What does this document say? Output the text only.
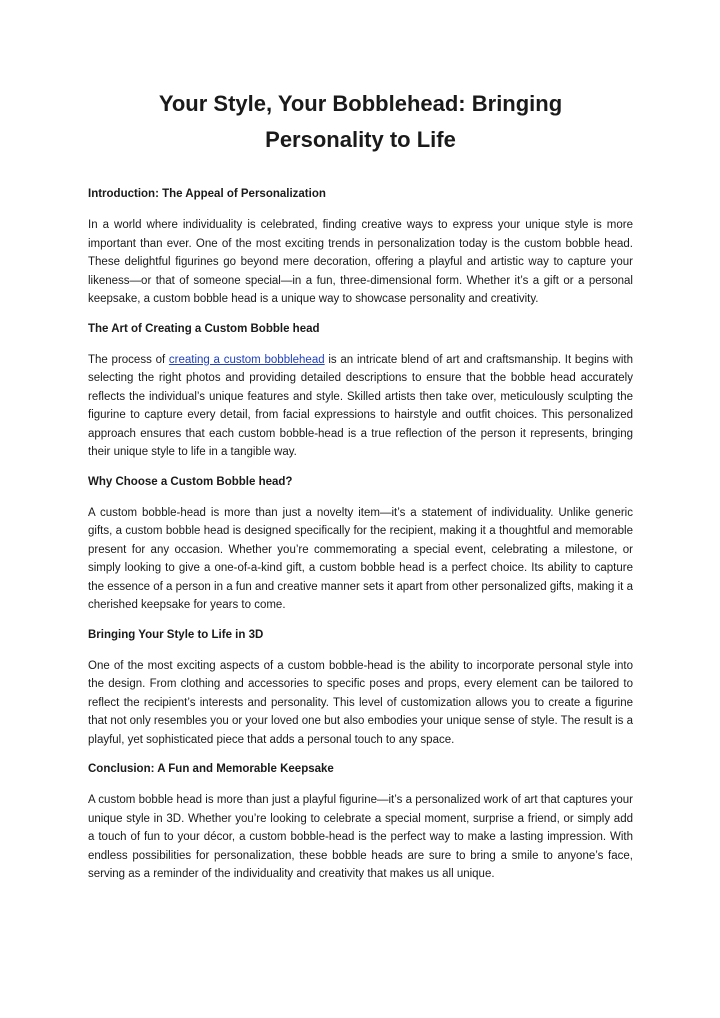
Your Style, Your Bobblehead: Bringing Personality to Life
Introduction: The Appeal of Personalization

In a world where individuality is celebrated, finding creative ways to express your unique style is more important than ever. One of the most exciting trends in personalization today is the custom bobble head. These delightful figurines go beyond mere decoration, offering a playful and artistic way to capture your likeness—or that of someone special—in a fun, three-dimensional form. Whether it’s a gift or a personal keepsake, a custom bobble head is a unique way to showcase personality and creativity.

The Art of Creating a Custom Bobble head

The process of creating a custom bobblehead is an intricate blend of art and craftsmanship. It begins with selecting the right photos and providing detailed descriptions to ensure that the bobble head accurately reflects the individual’s unique features and style. Skilled artists then take over, meticulously sculpting the figurine to capture every detail, from facial expressions to hairstyle and outfit choices. This personalized approach ensures that each custom bobble-head is a true reflection of the person it represents, bringing their unique style to life in a tangible way.

Why Choose a Custom Bobble head?

A custom bobble-head is more than just a novelty item—it’s a statement of individuality. Unlike generic gifts, a custom bobble head is designed specifically for the recipient, making it a thoughtful and memorable present for any occasion. Whether you’re commemorating a special event, celebrating a milestone, or simply looking to give a one-of-a-kind gift, a custom bobble head is a perfect choice. Its ability to capture the essence of a person in a fun and creative manner sets it apart from other personalized gifts, making it a cherished keepsake for years to come.

Bringing Your Style to Life in 3D

One of the most exciting aspects of a custom bobble-head is the ability to incorporate personal style into the design. From clothing and accessories to specific poses and props, every element can be tailored to reflect the recipient’s interests and personality. This level of customization allows you to create a figurine that not only resembles you or your loved one but also embodies your unique sense of style. The result is a playful, yet sophisticated piece that adds a personal touch to any space.

Conclusion: A Fun and Memorable Keepsake

A custom bobble head is more than just a playful figurine—it’s a personalized work of art that captures your unique style in 3D. Whether you’re looking to celebrate a special moment, surprise a friend, or simply add a touch of fun to your décor, a custom bobble-head is the perfect way to make a lasting impression. With endless possibilities for personalization, these bobble heads are sure to bring a smile to anyone’s face, serving as a reminder of the individuality and creativity that makes us all unique.
